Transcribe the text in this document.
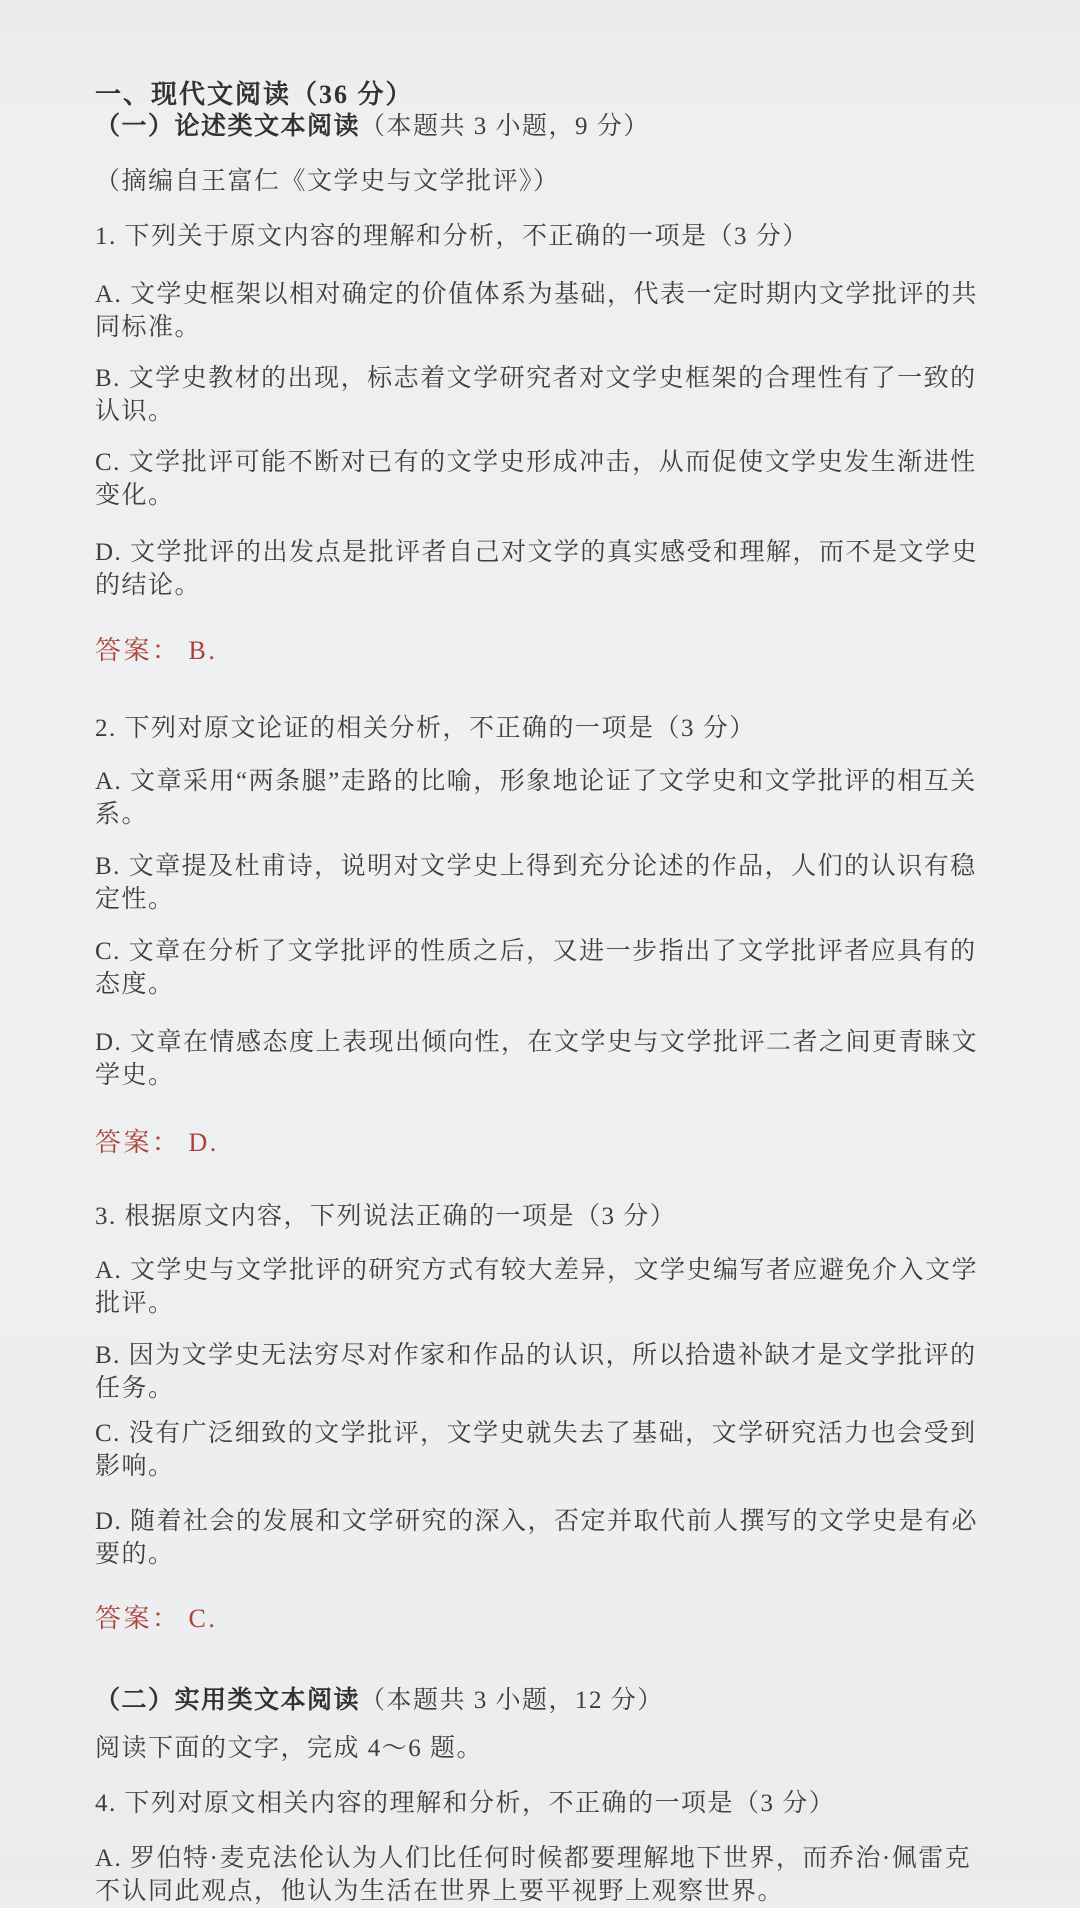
一、现代文阅读（36 分）
（一）论述类文本阅读（本题共 3 小题，9 分）
（摘编自王富仁《文学史与文学批评》）
1. 下列关于原文内容的理解和分析，不正确的一项是（3 分）
A. 文学史框架以相对确定的价值体系为基础，代表一定时期内文学批评的共同标准。
B. 文学史教材的出现，标志着文学研究者对文学史框架的合理性有了一致的认识。
C. 文学批评可能不断对已有的文学史形成冲击，从而促使文学史发生渐进性变化。
D. 文学批评的出发点是批评者自己对文学的真实感受和理解，而不是文学史的结论。
答案： B.
2. 下列对原文论证的相关分析，不正确的一项是（3 分）
A. 文章采用“两条腿”走路的比喻，形象地论证了文学史和文学批评的相互关系。
B. 文章提及杜甫诗，说明对文学史上得到充分论述的作品，人们的认识有稳定性。
C. 文章在分析了文学批评的性质之后，又进一步指出了文学批评者应具有的态度。
D. 文章在情感态度上表现出倾向性，在文学史与文学批评二者之间更青睐文学史。
答案： D.
3. 根据原文内容，下列说法正确的一项是（3 分）
A. 文学史与文学批评的研究方式有较大差异，文学史编写者应避免介入文学批评。
B. 因为文学史无法穷尽对作家和作品的认识，所以拾遗补缺才是文学批评的任务。
C. 没有广泛细致的文学批评，文学史就失去了基础，文学研究活力也会受到影响。
D. 随着社会的发展和文学研究的深入，否定并取代前人撰写的文学史是有必要的。
答案： C.
（二）实用类文本阅读（本题共 3 小题，12 分）
阅读下面的文字，完成 4～6 题。
4. 下列对原文相关内容的理解和分析，不正确的一项是（3 分）
A. 罗伯特·麦克法伦认为人们比任何时候都要理解地下世界，而乔治·佩雷克不认同此观点，他认为生活在世界上要平视野上观察世界。
